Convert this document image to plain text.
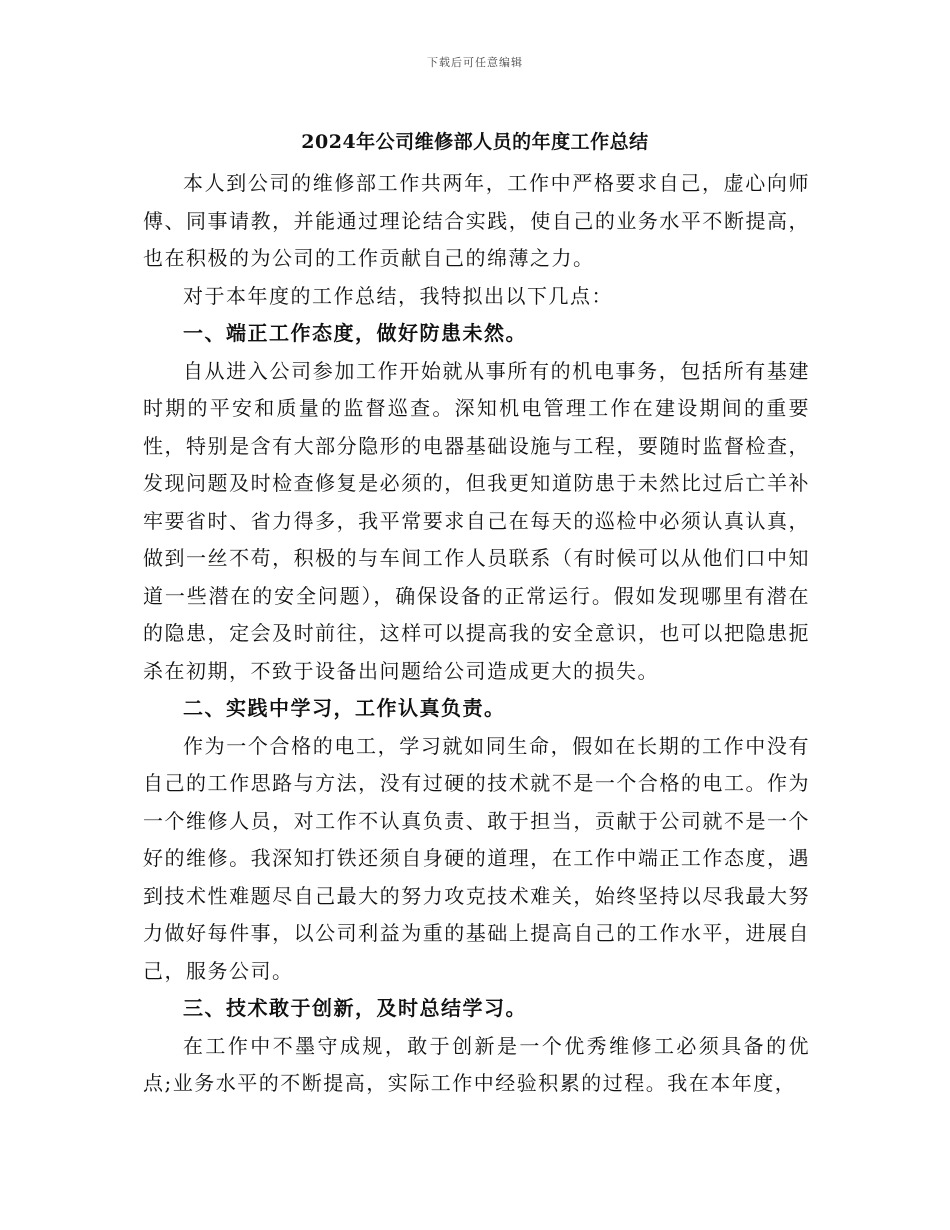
下载后可任意编辑
2024年公司维修部人员的年度工作总结

本人到公司的维修部工作共两年，工作中严格要求自己，虚心向师傅、同事请教，并能通过理论结合实践，使自己的业务水平不断提高，也在积极的为公司的工作贡献自己的绵薄之力。

对于本年度的工作总结，我特拟出以下几点：

一、端正工作态度，做好防患未然。

自从进入公司参加工作开始就从事所有的机电事务，包括所有基建时期的平安和质量的监督巡查。深知机电管理工作在建设期间的重要性，特别是含有大部分隐形的电器基础设施与工程，要随时监督检查，发现问题及时检查修复是必须的，但我更知道防患于未然比过后亡羊补牢要省时、省力得多，我平常要求自己在每天的巡检中必须认真认真，做到一丝不苟，积极的与车间工作人员联系（有时候可以从他们口中知道一些潜在的安全问题），确保设备的正常运行。假如发现哪里有潜在的隐患，定会及时前往，这样可以提高我的安全意识，也可以把隐患扼杀在初期，不致于设备出问题给公司造成更大的损失。

二、实践中学习，工作认真负责。

作为一个合格的电工，学习就如同生命，假如在长期的工作中没有自己的工作思路与方法，没有过硬的技术就不是一个合格的电工。作为一个维修人员，对工作不认真负责、敢于担当，贡献于公司就不是一个好的维修。我深知打铁还须自身硬的道理，在工作中端正工作态度，遇到技术性难题尽自己最大的努力攻克技术难关，始终坚持以尽我最大努力做好每件事，以公司利益为重的基础上提高自己的工作水平，进展自己，服务公司。

三、技术敢于创新，及时总结学习。

在工作中不墨守成规，敢于创新是一个优秀维修工必须具备的优点;业务水平的不断提高，实际工作中经验积累的过程。我在本年度，
